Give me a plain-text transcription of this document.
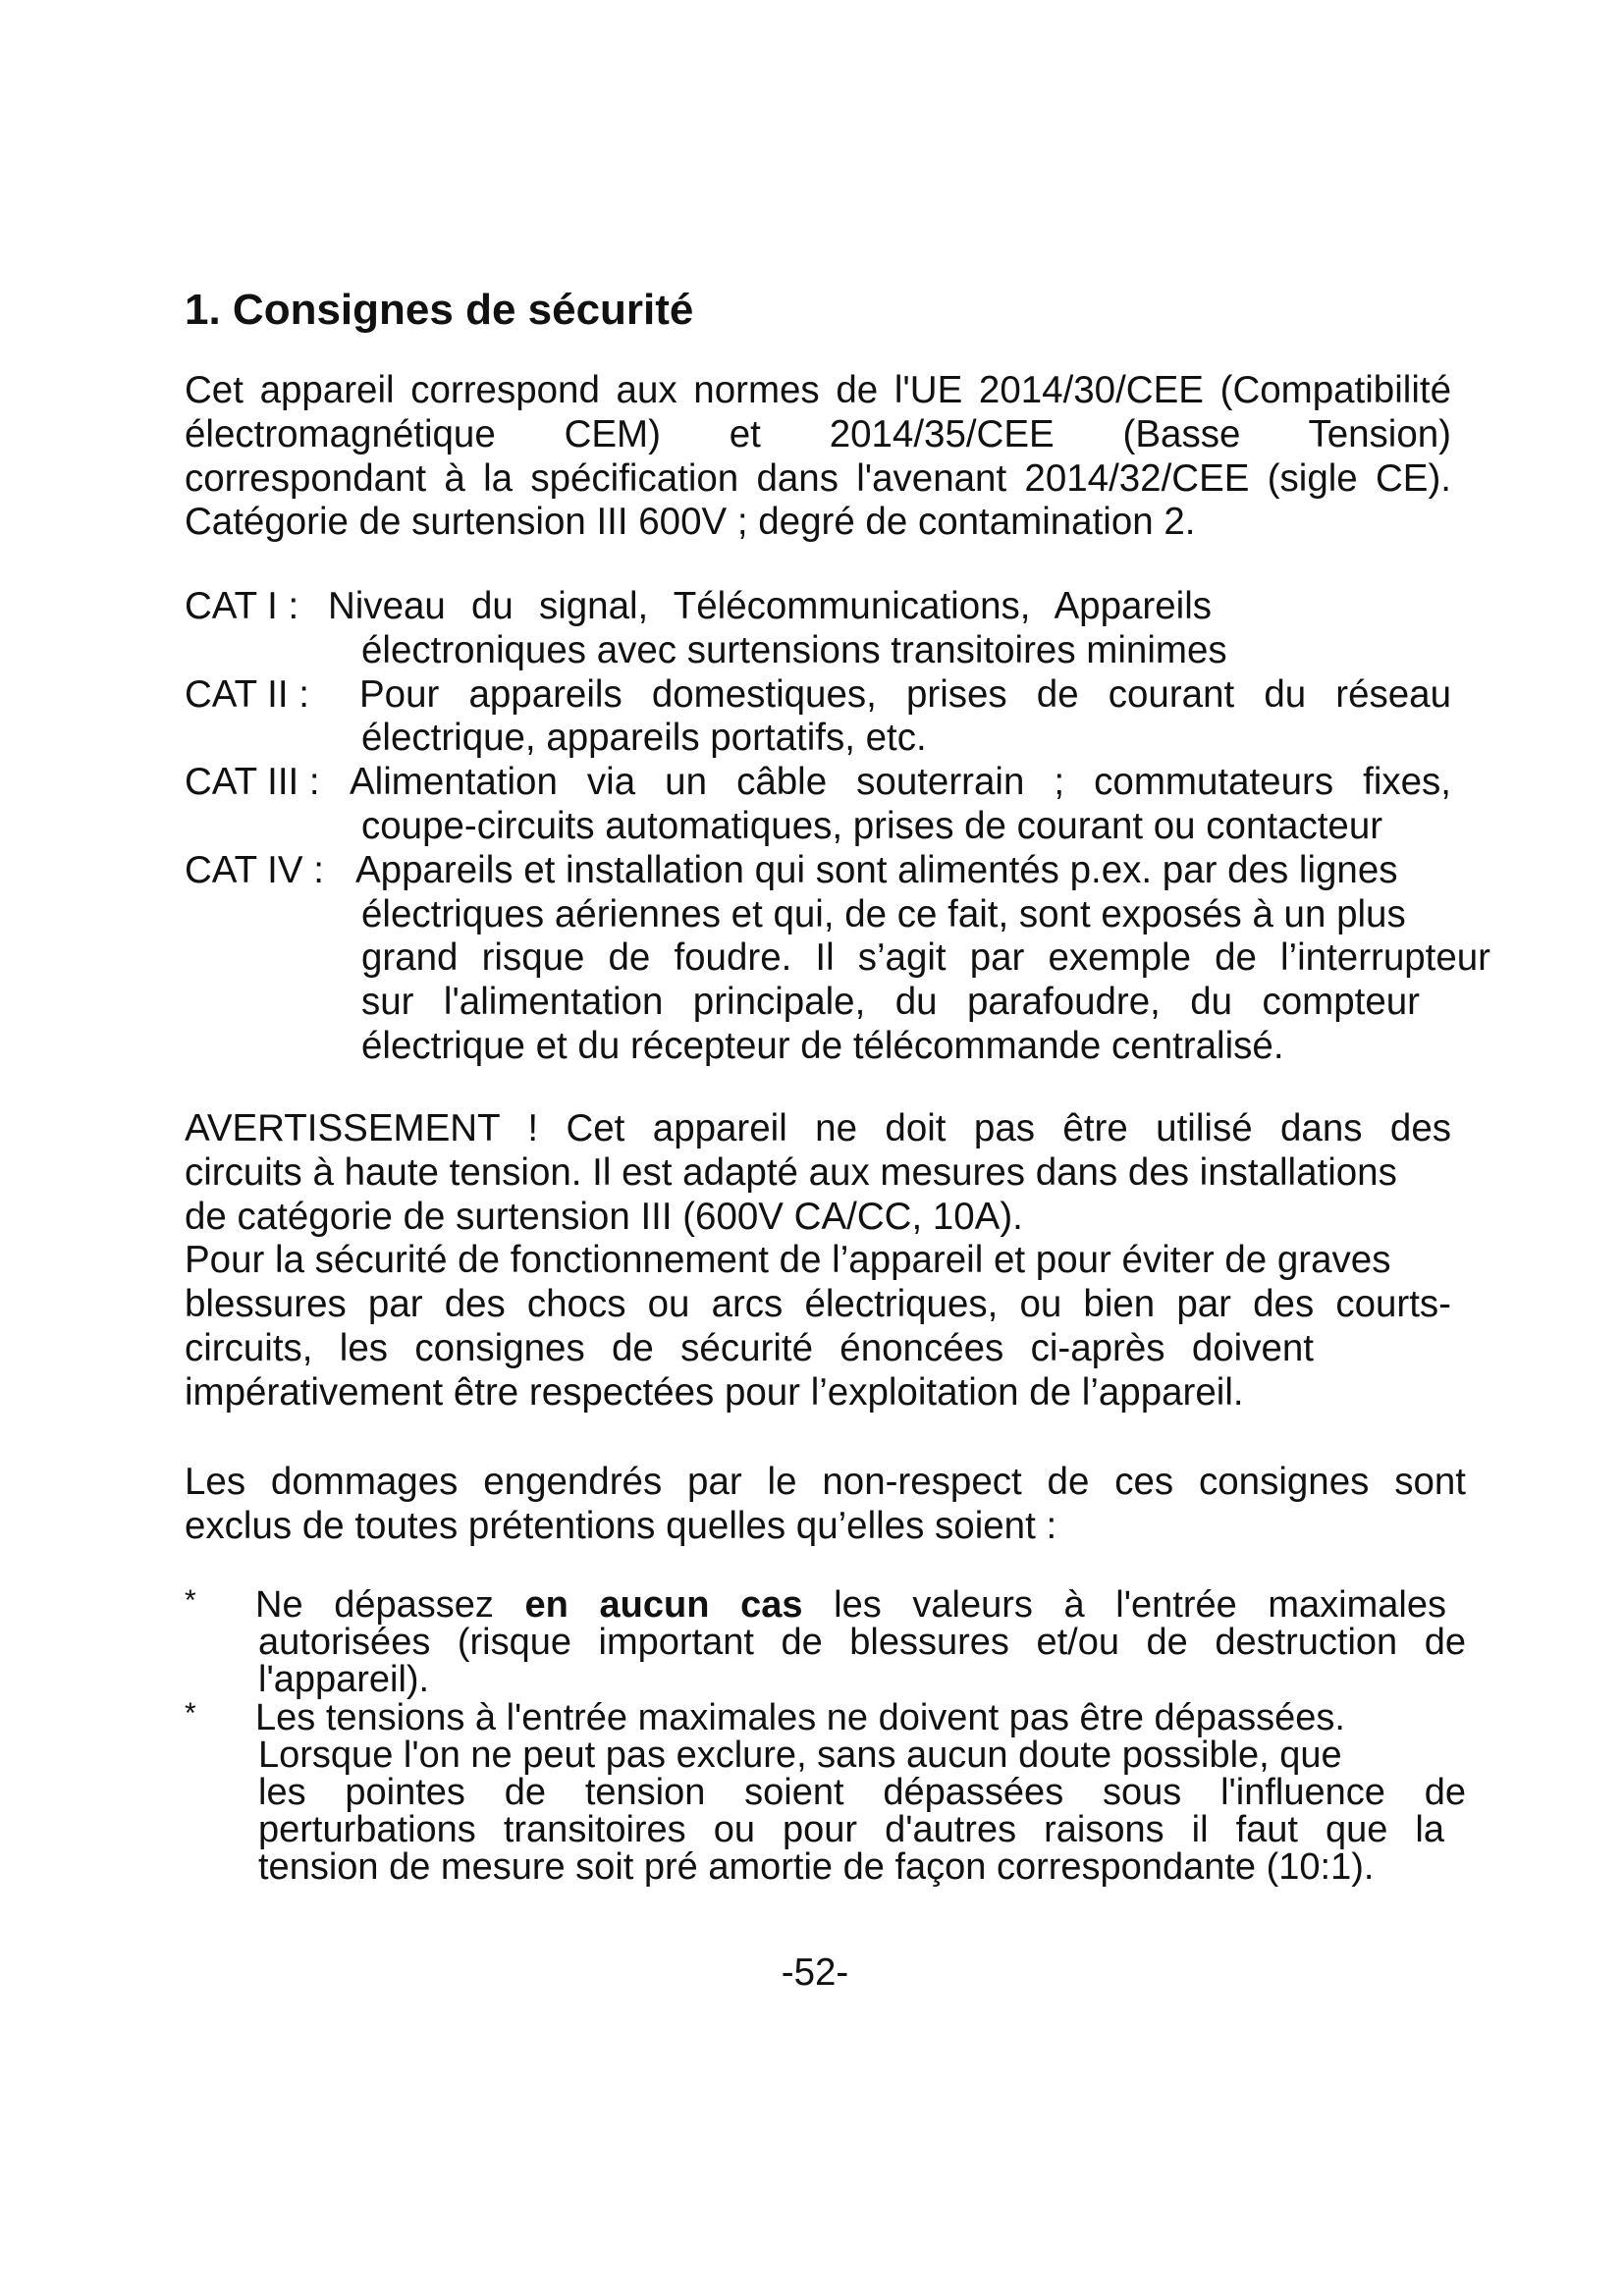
1. Consignes de sécurité
Cet appareil correspond aux normes de l'UE 2014/30/CEE (Compatibilité
électromagnétique CEM) et 2014/35/CEE (Basse Tension)
correspondant à la spécification dans l'avenant 2014/32/CEE (sigle CE).
Catégorie de surtension III 600V ; degré de contamination 2.
CAT I : Niveau du signal, Télécommunications, Appareils
électroniques avec surtensions transitoires minimes
CAT II : Pour appareils domestiques, prises de courant du réseau
électrique, appareils portatifs, etc.
CAT III : Alimentation via un câble souterrain ; commutateurs fixes,
coupe-circuits automatiques, prises de courant ou contacteur
CAT IV : Appareils et installation qui sont alimentés p.ex. par des lignes
électriques aériennes et qui, de ce fait, sont exposés à un plus
grand risque de foudre. Il s’agit par exemple de l’interrupteur
sur l'alimentation principale, du parafoudre, du compteur
électrique et du récepteur de télécommande centralisé.
AVERTISSEMENT ! Cet appareil ne doit pas être utilisé dans des
circuits à haute tension. Il est adapté aux mesures dans des installations
de catégorie de surtension III (600V CA/CC, 10A).
Pour la sécurité de fonctionnement de l’appareil et pour éviter de graves
blessures par des chocs ou arcs électriques, ou bien par des courts-
circuits, les consignes de sécurité énoncées ci-après doivent
impérativement être respectées pour l’exploitation de l’appareil.
Les dommages engendrés par le non-respect de ces consignes sont
exclus de toutes prétentions quelles qu’elles soient :
* Ne dépassez en aucun cas les valeurs à l'entrée maximales
autorisées (risque important de blessures et/ou de destruction de
l'appareil).
* Les tensions à l'entrée maximales ne doivent pas être dépassées.
Lorsque l'on ne peut pas exclure, sans aucun doute possible, que
les pointes de tension soient dépassées sous l'influence de
perturbations transitoires ou pour d'autres raisons il faut que la
tension de mesure soit pré amortie de façon correspondante (10:1).
-52-
